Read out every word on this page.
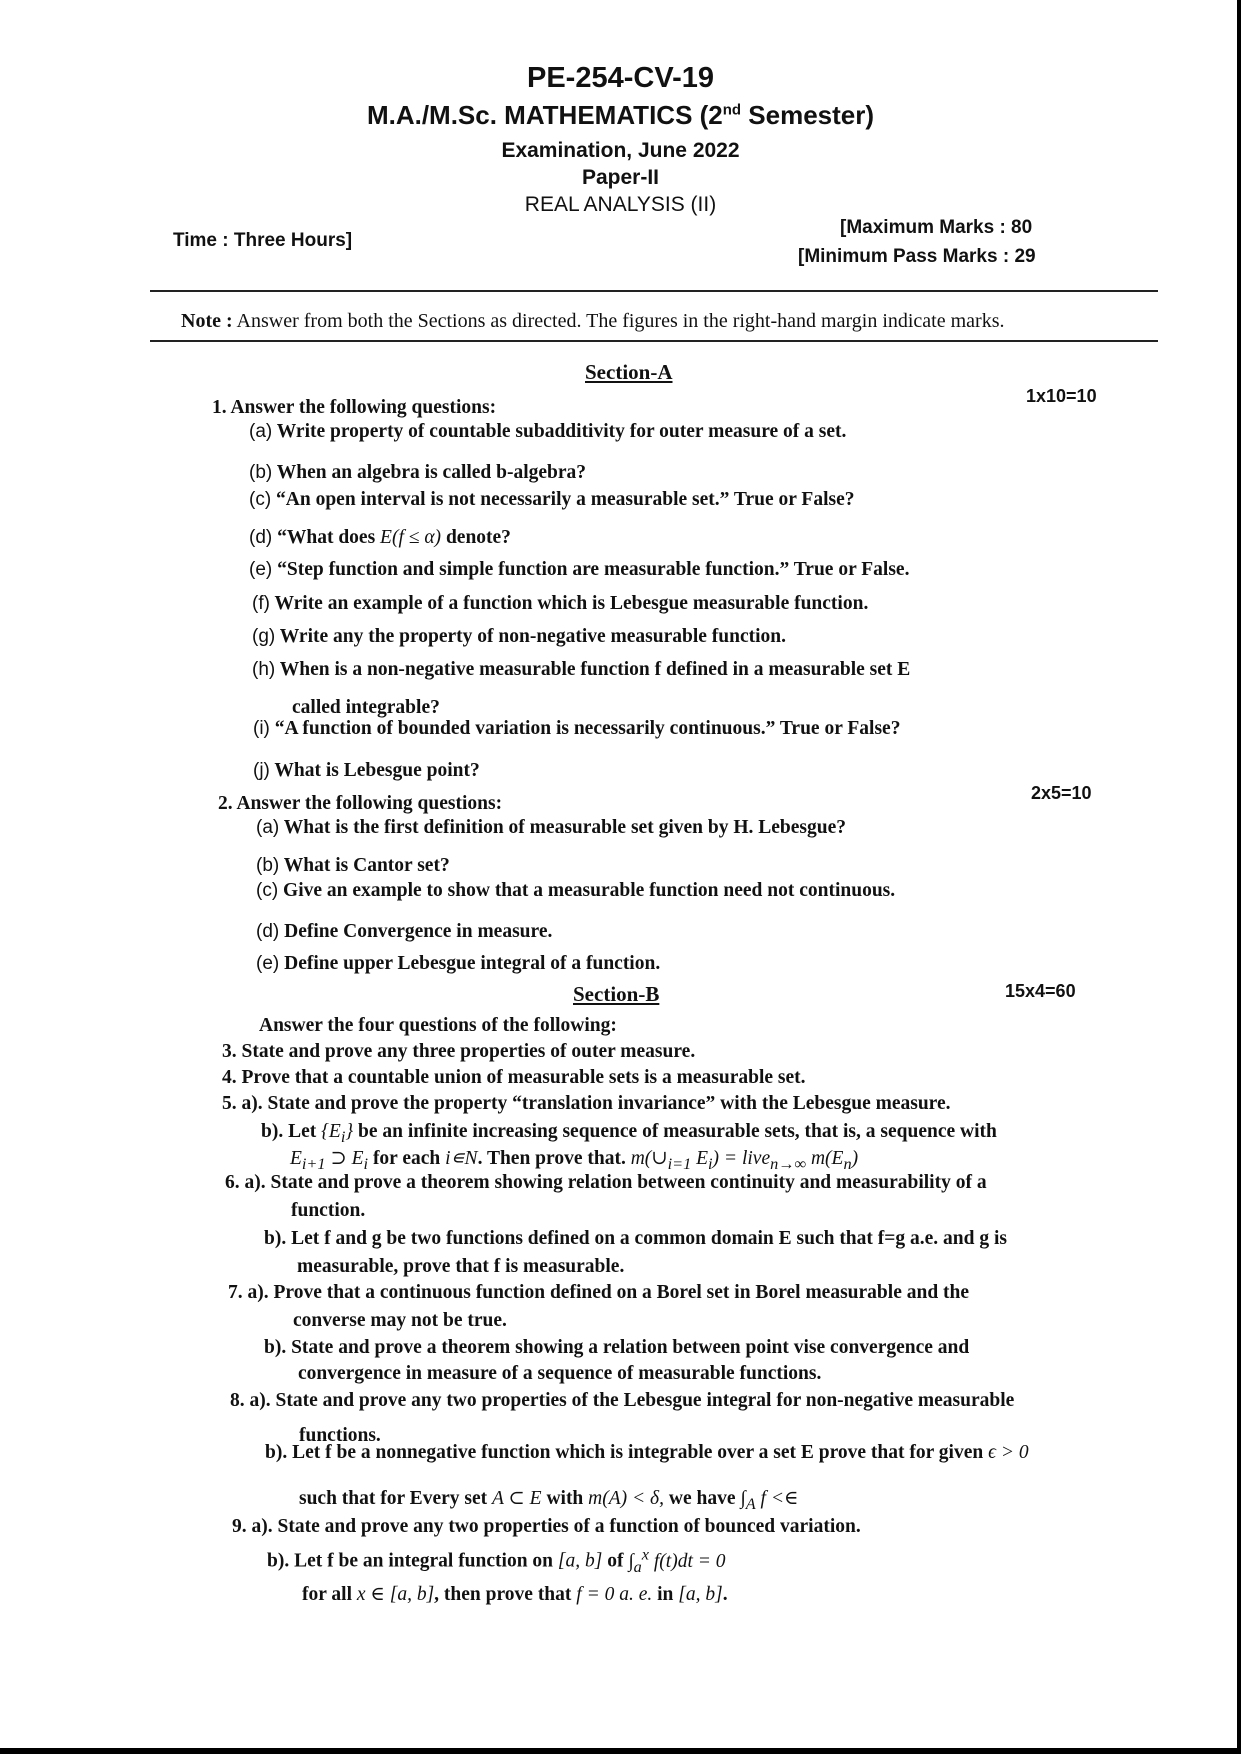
PE-254-CV-19
M.A./M.Sc. MATHEMATICS (2nd Semester)
Examination, June 2022
Paper-II
REAL ANALYSIS (II)
Time : Three Hours]
[Maximum Marks : 80
[Minimum Pass Marks : 29
Note : Answer from both the Sections as directed. The figures in the right-hand margin indicate marks.
Section-A
1. Answer the following questions:
1x10=10
(a) Write property of countable subadditivity for outer measure of a set.
(b) When an algebra is called b-algebra?
(c) “An open interval is not necessarily a measurable set.” True or False?
(d) “What does E(f ≤ α) denote?
(e) “Step function and simple function are measurable function.” True or False.
(f) Write an example of a function which is Lebesgue measurable function.
(g) Write any the property of non-negative measurable function.
(h) When is a non-negative measurable function f defined in a measurable set E
called integrable?
(i) “A function of bounded variation is necessarily continuous.” True or False?
(j) What is Lebesgue point?
2. Answer the following questions:	2x5=10
(a) What is the first definition of measurable set given by H. Lebesgue?
(b) What is Cantor set?
(c) Give an example to show that a measurable function need not continuous.
(d) Define Convergence in measure.
(e) Define upper Lebesgue integral of a function.
Section-B	15x4=60
Answer the four questions of the following:
3. State and prove any three properties of outer measure.
4. Prove that a countable union of measurable sets is a measurable set.
5. a). State and prove the property “translation invariance” with the Lebesgue measure.
b). Let $\{E_i\}$ be an infinite increasing sequence of measurable sets, that is, a sequence with
$E_{i+1}$ ⊃ $E_i$ for each i∊N. Then prove that. $m(\cup_{i=1}$ $E_i$) = live$_{n\to\infty}$ $m(E_n)$
6. a). State and prove a theorem showing relation between continuity and measurability of a
function.
b). Let f and g be two functions defined on a common domain E such that f=g a.e. and g is
measurable, prove that f is measurable.
7. a). Prove that a continuous function defined on a Borel set in Borel measurable and the
converse may not be true.
b). State and prove a theorem showing a relation between point vise convergence and
convergence in measure of a sequence of measurable functions.
8. a). State and prove any two properties of the Lebesgue integral for non-negative measurable
functions.
b). Let f be a nonnegative function which is integrable over a set E prove that for given ϵ > 0
such that for Every set A ⊂ E with m(A) < δ, we have $\int_A$ f <∈
9. a). State and prove any two properties of a function of bounced variation.
b). Let f be an integral function on [a, b] of $\int_a^x$ f(t)dt = 0
for all x ∈ [a, b], then prove that f = 0 a. e. in [a, b].
